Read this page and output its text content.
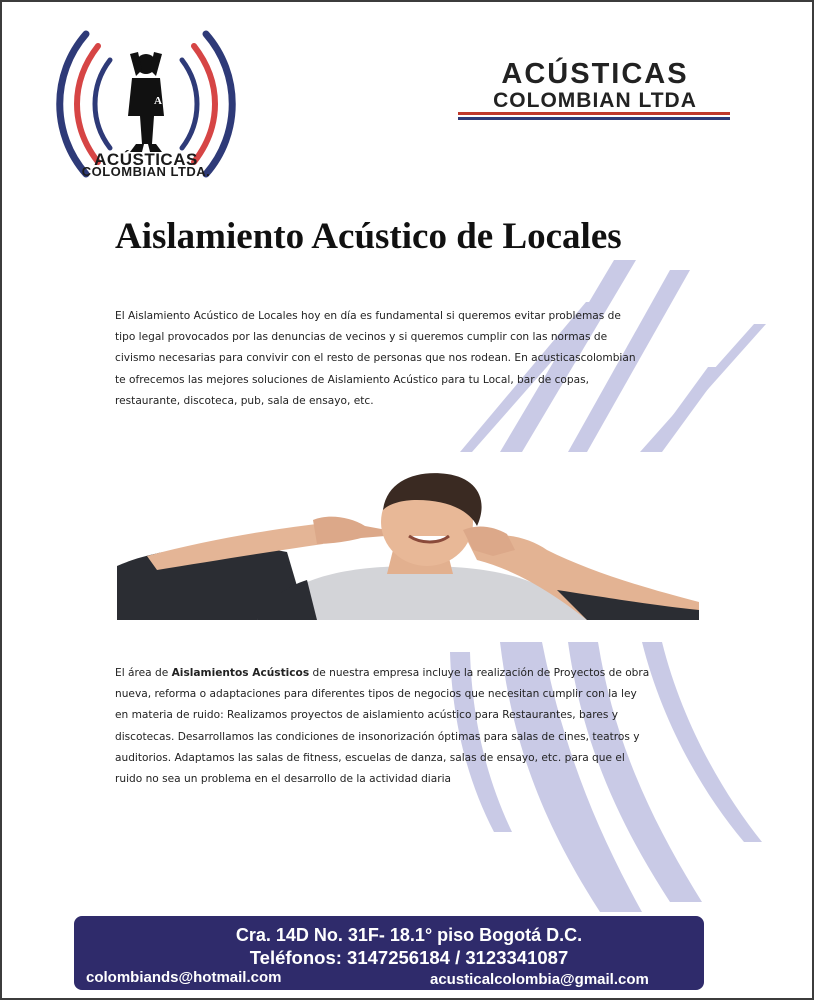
AC
ACÚSTICAS
COLOMBIAN LTDA.
ACÚSTICAS
COLOMBIAN LTDA
Aislamiento Acústico de Locales
El Aislamiento Acústico de Locales hoy en día es fundamental si queremos evitar problemas de
tipo legal provocados por las denuncias de vecinos y si queremos cumplir con las normas de
civismo necesarias para convivir con el resto de personas que nos rodean. En acusticascolombian
te ofrecemos las mejores soluciones de Aislamiento Acústico para tu Local, bar de copas,
restaurante, discoteca, pub, sala de ensayo, etc.
El área de Aislamientos Acústicos de nuestra empresa incluye la realización de Proyectos de obra
nueva, reforma o adaptaciones para diferentes tipos de negocios que necesitan cumplir con la ley
en materia de ruido: Realizamos proyectos de aislamiento acústico para Restaurantes, bares y
discotecas. Desarrollamos las condiciones de insonorización óptimas para salas de cines, teatros y
auditorios. Adaptamos las salas de fitness, escuelas de danza, salas de ensayo, etc. para que el
ruido no sea un problema en el desarrollo de la actividad diaria
Cra. 14D No. 31F- 18.1° piso Bogotá D.C.
Teléfonos: 3147256184 / 3123341087
colombiands@hotmail.com	acusticalcolombia@gmail.com
